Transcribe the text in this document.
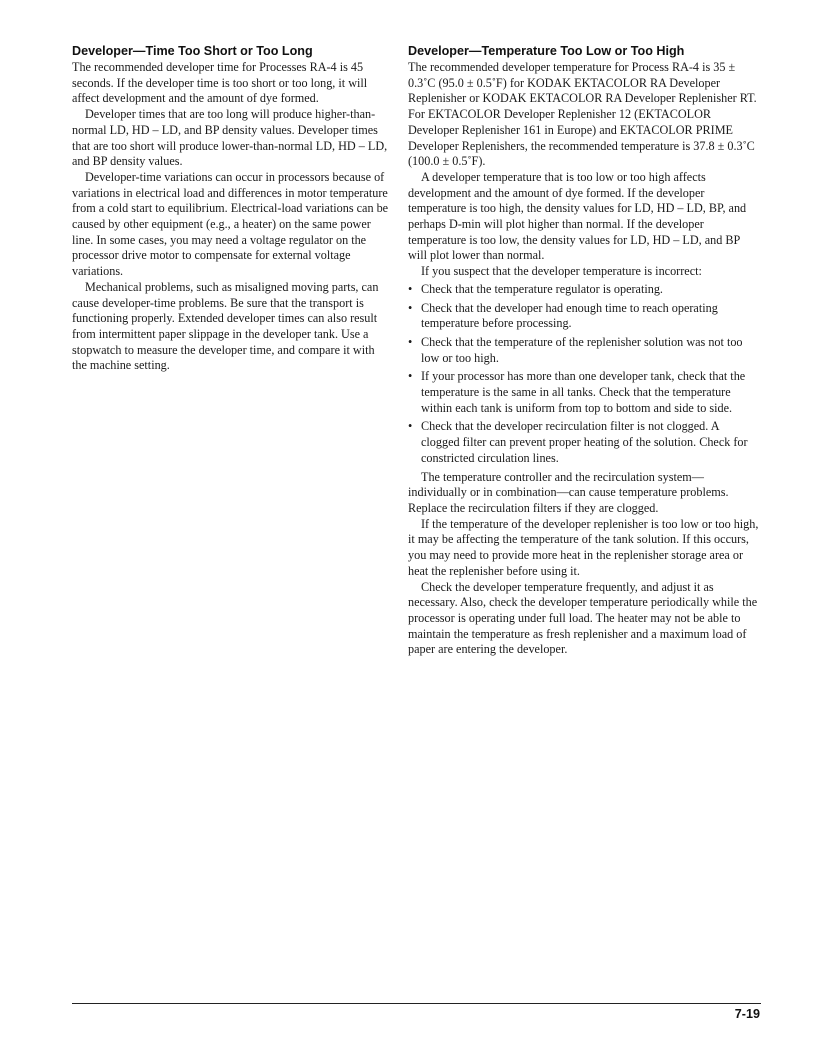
Developer—Time Too Short or Too Long

The recommended developer time for Processes RA-4 is 45 seconds. If the developer time is too short or too long, it will affect development and the amount of dye formed.

Developer times that are too long will produce higher-than-normal LD, HD – LD, and BP density values. Developer times that are too short will produce lower-than-normal LD, HD – LD, and BP density values.

Developer-time variations can occur in processors because of variations in electrical load and differences in motor temperature from a cold start to equilibrium. Electrical-load variations can be caused by other equipment (e.g., a heater) on the same power line. In some cases, you may need a voltage regulator on the processor drive motor to compensate for external voltage variations.

Mechanical problems, such as misaligned moving parts, can cause developer-time problems. Be sure that the transport is functioning properly. Extended developer times can also result from intermittent paper slippage in the developer tank. Use a stopwatch to measure the developer time, and compare it with the machine setting.

Developer—Temperature Too Low or Too High

The recommended developer temperature for Process RA-4 is 35 ± 0.3˚C (95.0 ± 0.5˚F) for KODAK EKTACOLOR RA Developer Replenisher or KODAK EKTACOLOR RA Developer Replenisher RT. For EKTACOLOR Developer Replenisher 12 (EKTACOLOR Developer Replenisher 161 in Europe) and EKTACOLOR PRIME Developer Replenishers, the recommended temperature is 37.8 ± 0.3˚C (100.0 ± 0.5˚F).

A developer temperature that is too low or too high affects development and the amount of dye formed. If the developer temperature is too high, the density values for LD, HD – LD, BP, and perhaps D-min will plot higher than normal. If the developer temperature is too low, the density values for LD, HD – LD, and BP will plot lower than normal.

If you suspect that the developer temperature is incorrect:

• Check that the temperature regulator is operating.
• Check that the developer had enough time to reach operating temperature before processing.
• Check that the temperature of the replenisher solution was not too low or too high.
• If your processor has more than one developer tank, check that the temperature is the same in all tanks. Check that the temperature within each tank is uniform from top to bottom and side to side.
• Check that the developer recirculation filter is not clogged. A clogged filter can prevent proper heating of the solution. Check for constricted circulation lines.

The temperature controller and the recirculation system—individually or in combination—can cause temperature problems. Replace the recirculation filters if they are clogged.

If the temperature of the developer replenisher is too low or too high, it may be affecting the temperature of the tank solution. If this occurs, you may need to provide more heat in the replenisher storage area or heat the replenisher before using it.

Check the developer temperature frequently, and adjust it as necessary. Also, check the developer temperature periodically while the processor is operating under full load. The heater may not be able to maintain the temperature as fresh replenisher and a maximum load of paper are entering the developer.

7-19
